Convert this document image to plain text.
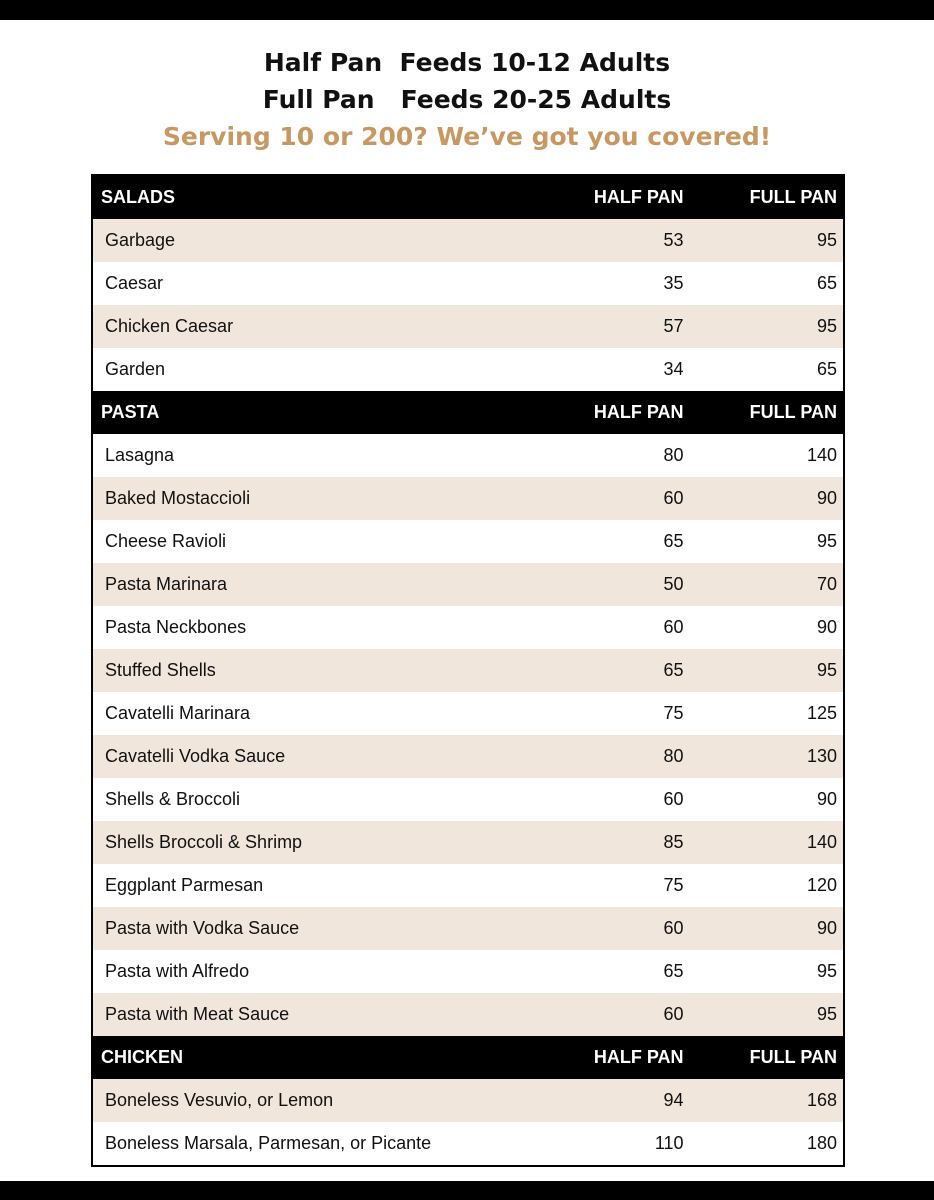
Half Pan  Feeds 10-12 Adults
Full Pan   Feeds 20-25 Adults
Serving 10 or 200? We’ve got you covered!
SALADS	HALF PAN	FULL PAN
Garbage	53	95
Caesar	35	65
Chicken Caesar	57	95
Garden	34	65
PASTA	HALF PAN	FULL PAN
Lasagna	80	140
Baked Mostaccioli	60	90
Cheese Ravioli	65	95
Pasta Marinara	50	70
Pasta Neckbones	60	90
Stuffed Shells	65	95
Cavatelli Marinara	75	125
Cavatelli Vodka Sauce	80	130
Shells & Broccoli	60	90
Shells Broccoli & Shrimp	85	140
Eggplant Parmesan	75	120
Pasta with Vodka Sauce	60	90
Pasta with Alfredo	65	95
Pasta with Meat Sauce	60	95
CHICKEN	HALF PAN	FULL PAN
Boneless Vesuvio, or Lemon	94	168
Boneless Marsala, Parmesan, or Picante	110	180
